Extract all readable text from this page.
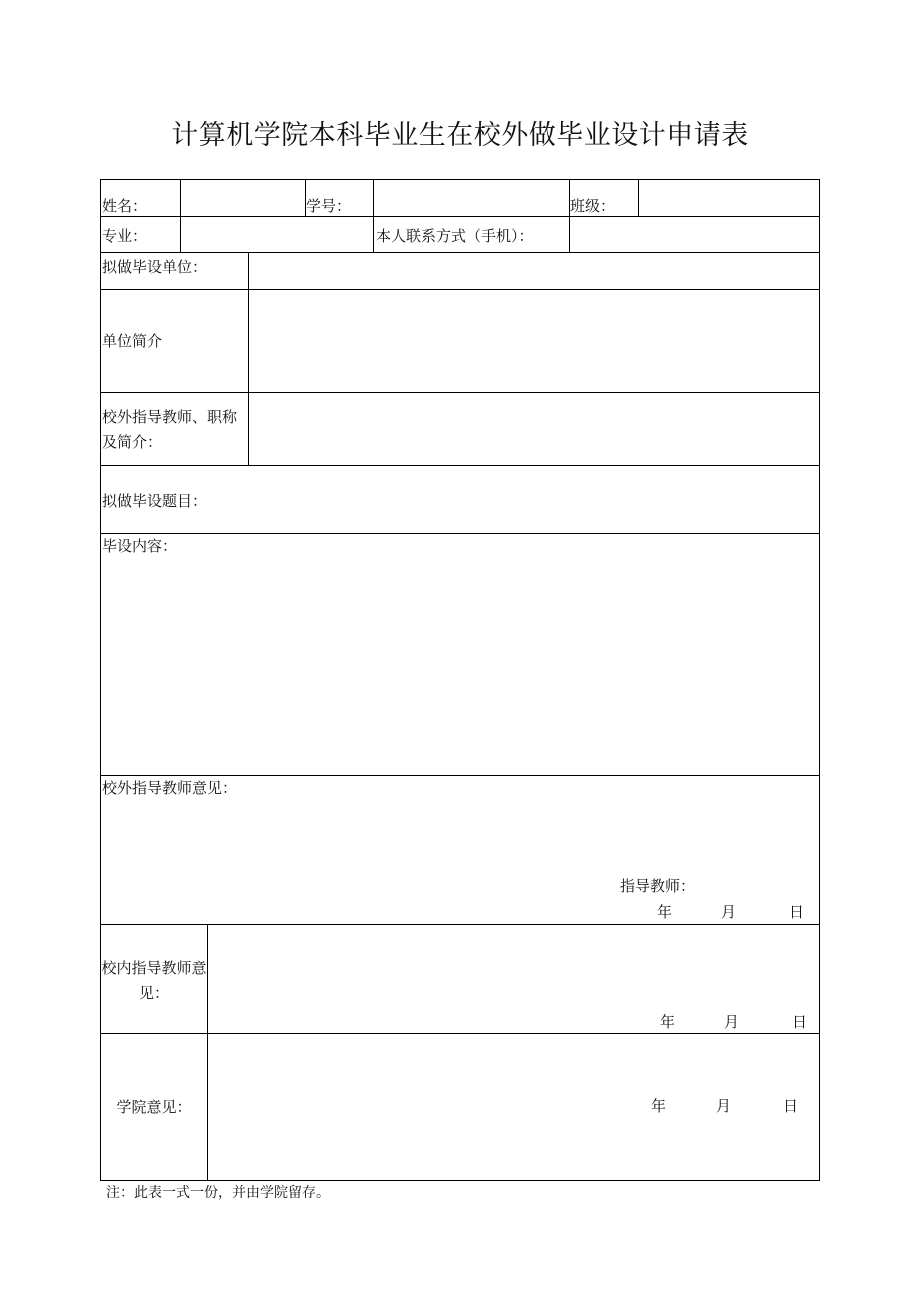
计算机学院本科毕业生在校外做毕业设计申请表
姓名：	学号：	班级：
专业：	本人联系方式（手机）：
拟做毕设单位：
单位简介
校外指导教师、职称及简介：
拟做毕设题目：
毕设内容：
校外指导教师意见：
指导教师：
年	月	日
校内指导教师意见：
年	月	日
学院意见：	年	月	日
注：此表一式一份，并由学院留存。
